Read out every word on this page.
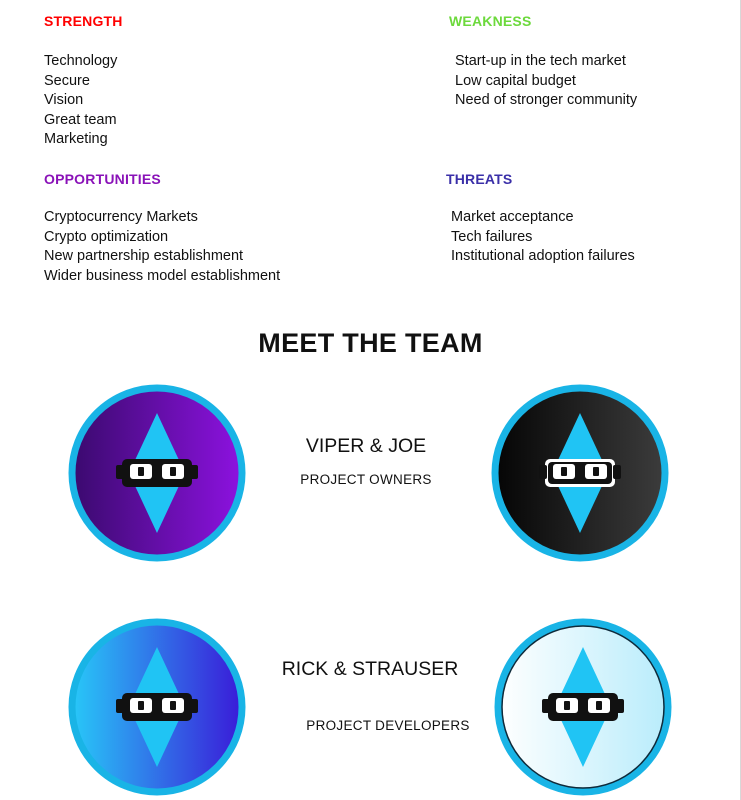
STRENGTH
Technology
Secure
Vision
Great team
Marketing
WEAKNESS
Start-up in the tech market
Low capital budget
Need of stronger community
OPPORTUNITIES
Cryptocurrency Markets
Crypto optimization
New partnership establishment
Wider business model establishment
THREATS
Market acceptance
Tech failures
Institutional adoption failures
MEET THE TEAM
VIPER & JOE
PROJECT OWNERS
RICK & STRAUSER
PROJECT DEVELOPERS
